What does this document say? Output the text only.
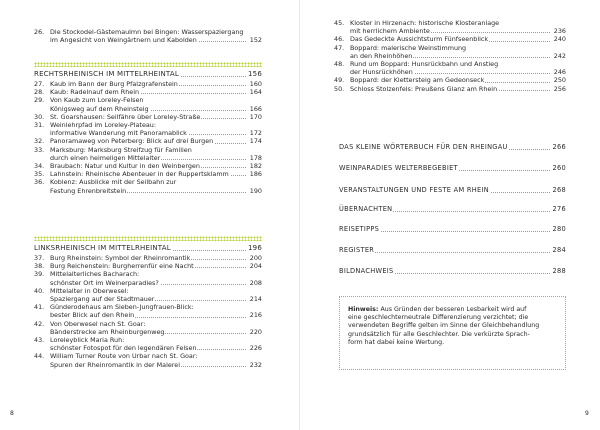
26. Die Stockodel-Gästemaulmn bei Bingen: Wasserspaziergang
im Angesicht von Weingärtnern und Kabolden	152
RECHTSRHEINISCH IM MITTELRHEINTAL	156
27. Kaub im Bann der Burg Pfalzgrafenstein	160
28. Kaub: Radelnauf dem Rhein	164
29. Von Kaub zum Loreley-Felsen
Königsweg auf dem Rheinsteig	166
30. St. Goarshausen: Seilfähre über Loreley-Straße	170
31. Weinlehrpfad im Loreley-Plateau:
informative Wanderung mit Panoramablick	172
32. Panoramaweg von Peterberg: Blick auf drei Burgen	174
33. Marksburg: Marksburg Streifzug für Familien
durch einen heimeligen Mittelalter	178
34. Braubach: Natur und Kultur in den Weinbergen	182
35. Lahnstein: Rheinische Abenteuer in der Ruppertsklamm	186
36. Koblenz: Ausblicke mit der Seilbahn zur
Festung Ehrenbreitstein	190
LINKSRHEINISCH IM MITTELRHEINTAL	196
37. Burg Rheinstein: Symbol der Rheinromantik	200
38. Burg Reichenstein: Burgherrenfür eine Nacht	204
39. Mittelalterliches Bacharach:
schönster Ort im Weinerparadies?	208
40. Mittelalter in Oberwesel:
Spaziergang auf der Stadtmauer	214
41. Günderodehaus am Sieben-Jungfrauen-Blick:
bester Blick auf den Rhein	216
42. Von Oberwesel nach St. Goar:
Bänderstrecke am Rheinburgenweg	220
43. Loreleyblick Maria Ruh:
schönster Fotospot für den legendären Felsen	226
44. William Turner Route von Urbar nach St. Goar:
Spuren der Rheinromantik in der Malerei	232
8
45. Kloster in Hirzenach: historische Klosteranlage
mit herrlichem Ambiente	236
46. Das Gedeckte Aussichtsturm Fünfseenblick	240
47. Boppard: malerische Weinstimmung
an den Rheinhöhen	242
48. Rund um Boppard: Hunsrückbahn und Anstieg
der Hunsrückhöhen	246
49. Boppard: der Klettersteig am Gedeonseck	250
50. Schloss Stolzenfels: Preußens Glanz am Rhein	256
DAS KLEINE WÖRTERBUCH FÜR DEN RHEINGAU	266
WEINPARADIES WELTERBEGEBIET	260
VERANSTALTUNGEN UND FESTE AM RHEIN	268
ÜBERNACHTEN	276
REISETIPPS	280
REGISTER	284
BILDNACHWEIS	288
Hinweis: Aus Gründen der besseren Lesbarkeit wird auf
eine geschlechterneutrale Differenzierung verzichtet; die
verwendeten Begriffe gelten im Sinne der Gleichbehandlung
grundsätzlich für alle Geschlechter. Die verkürzte Sprach-
form hat dabei keine Wertung.
9
